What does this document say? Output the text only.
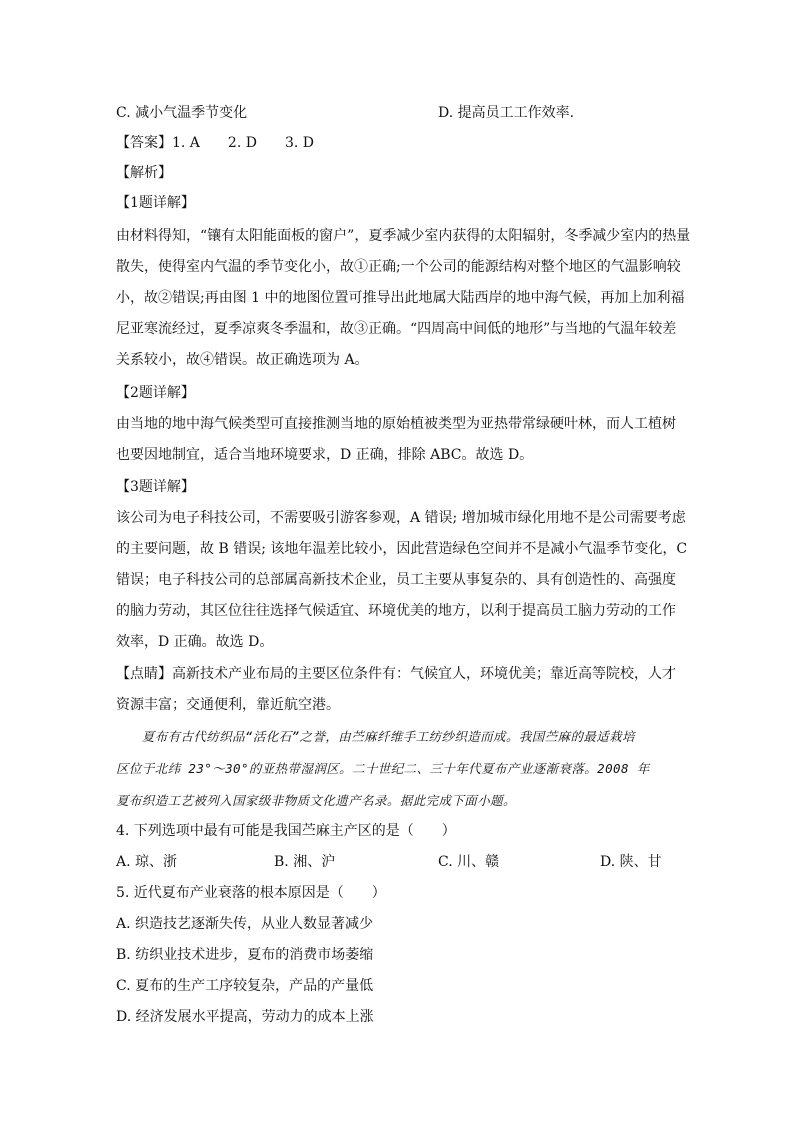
C. 减小气温季节变化	D. 提高员工工作效率.
【答案】1. A　　2. D　　3. D
【解析】
【1题详解】
由材料得知，“镶有太阳能面板的窗户”，夏季减少室内获得的太阳辐射，冬季减少室内的热量
散失，使得室内气温的季节变化小，故①正确;一个公司的能源结构对整个地区的气温影响较
小，故②错误;再由图 1 中的地图位置可推导出此地属大陆西岸的地中海气候，再加上加利福
尼亚寒流经过，夏季凉爽冬季温和，故③正确。“四周高中间低的地形”与当地的气温年较差
关系较小，故④错误。故正确选项为 A。
【2题详解】
由当地的地中海气候类型可直接推测当地的原始植被类型为亚热带常绿硬叶林，而人工植树
也要因地制宜，适合当地环境要求，D 正确，排除 ABC。故选 D。
【3题详解】
该公司为电子科技公司，不需要吸引游客参观，A 错误; 增加城市绿化用地不是公司需要考虑
的主要问题，故 B 错误; 该地年温差比较小，因此营造绿色空间并不是减小气温季节变化，C
错误；电子科技公司的总部属高新技术企业，员工主要从事复杂的、具有创造性的、高强度
的脑力劳动，其区位往往选择气候适宜、环境优美的地方，以利于提高员工脑力劳动的工作
效率，D 正确。故选 D。
【点睛】高新技术产业布局的主要区位条件有：气候宜人，环境优美；靠近高等院校，人才
资源丰富；交通便利，靠近航空港。
　　夏布有古代纺织品“活化石”之誉，由苎麻纤维手工纺纱织造而成。我国苎麻的最适栽培
区位于北纬 23°～30°的亚热带湿润区。二十世纪二、三十年代夏布产业逐渐衰落。2008 年
夏布织造工艺被列入国家级非物质文化遗产名录。据此完成下面小题。
4. 下列选项中最有可能是我国苎麻主产区的是（　　）
A. 琼、浙	B. 湘、沪	C. 川、赣	D. 陕、甘
5. 近代夏布产业衰落的根本原因是（　　）
A. 织造技艺逐渐失传，从业人数显著减少
B. 纺织业技术进步，夏布的消费市场萎缩
C. 夏布的生产工序较复杂，产品的产量低
D. 经济发展水平提高，劳动力的成本上涨
